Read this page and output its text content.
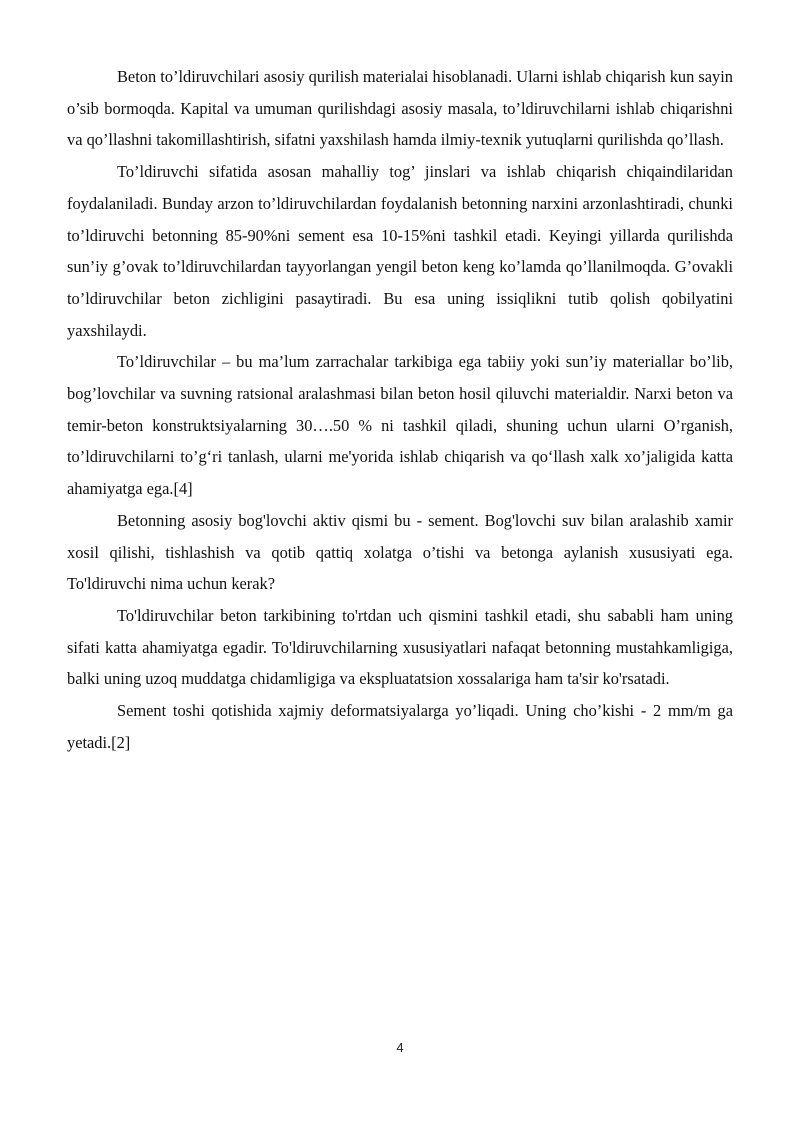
Beton to’ldiruvchilari asosiy qurilish materialai hisoblanadi. Ularni ishlab chiqarish kun sayin o’sib bormoqda. Kapital va umuman qurilishdagi asosiy masala, to’ldiruvchilarni ishlab chiqarishni va qo’llashni takomillashtirish, sifatni yaxshilash hamda ilmiy-texnik yutuqlarni qurilishda qo’llash.

To’ldiruvchi sifatida asosan mahalliy tog’ jinslari va ishlab chiqarish chiqaindilaridan foydalaniladi. Bunday arzon to’ldiruvchilardan foydalanish betonning narxini arzonlashtiradi, chunki to’ldiruvchi betonning 85-90%ni sement esa 10-15%ni tashkil etadi. Keyingi yillarda qurilishda sun’iy g’ovak to’ldiruvchilardan tayyorlangan yengil beton keng ko’lamda qo’llanilmoqda. G’ovakli to’ldiruvchilar beton zichligini pasaytiradi. Bu esa uning issiqlikni tutib qolish qobilyatini yaxshilaydi.

To’ldiruvchilar – bu ma’lum zarrachalar tarkibiga ega tabiiy yoki sun’iy materiallar bo’lib, bog’lovchilar va suvning ratsional aralashmasi bilan beton hosil qiluvchi materialdir. Narxi beton va temir-beton konstruktsiyalarning 30….50 % ni tashkil qiladi, shuning uchun ularni O’rganish, to’ldiruvchilarni to’g‘ri tanlash, ularni me'yorida ishlab chiqarish va qo‘llash xalk xo’jaligida katta ahamiyatga ega.[4]

Betonning asosiy bog'lovchi aktiv qismi bu - sement. Bog'lovchi suv bilan aralashib xamir xosil qilishi, tishlashish va qotib qattiq xolatga o’tishi va betonga aylanish xususiyati ega. To'ldiruvchi nima uchun kerak?

To'ldiruvchilar beton tarkibining to'rtdan uch qismini tashkil etadi, shu sababli ham uning sifati katta ahamiyatga egadir. To'ldiruvchilarning xususiyatlari nafaqat betonning mustahkamligiga, balki uning uzoq muddatga chidamligiga va ekspluatatsion xossalariga ham ta'sir ko'rsatadi.

Sement toshi qotishida xajmiy deformatsiyalarga yo’liqadi. Uning cho’kishi - 2 mm/m ga yetadi.[2]

4
